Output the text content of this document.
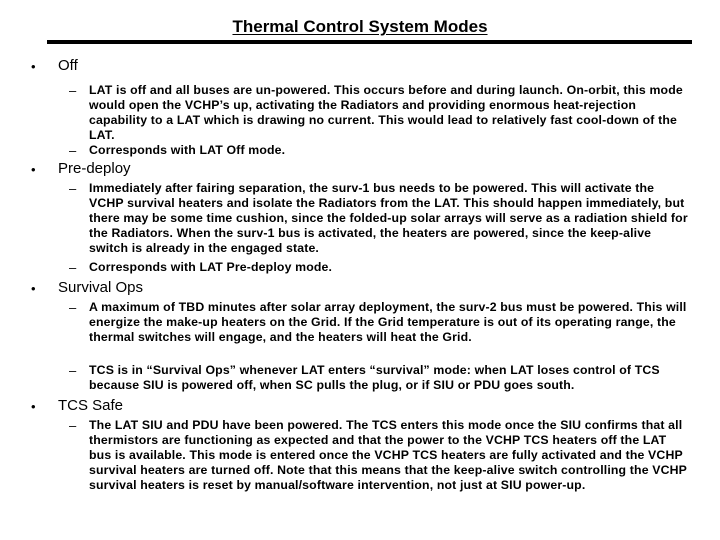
Thermal Control System Modes
• Off
– LAT is off and all buses are un-powered. This occurs before and during launch. On-orbit, this mode would open the VCHP’s up, activating the Radiators and providing enormous heat-rejection capability to a LAT which is drawing no current. This would lead to relatively fast cool-down of the LAT.
– Corresponds with LAT Off mode.
• Pre-deploy
– Immediately after fairing separation, the surv-1 bus needs to be powered. This will activate the VCHP survival heaters and isolate the Radiators from the LAT. This should happen immediately, but there may be some time cushion, since the folded-up solar arrays will serve as a radiation shield for the Radiators. When the surv-1 bus is activated, the heaters are powered, since the keep-alive switch is already in the engaged state.
– Corresponds with LAT Pre-deploy mode.
• Survival Ops
– A maximum of TBD minutes after solar array deployment, the surv-2 bus must be powered. This will energize the make-up heaters on the Grid. If the Grid temperature is out of its operating range, the thermal switches will engage, and the heaters will heat the Grid.
– TCS is in “Survival Ops” whenever LAT enters “survival” mode: when LAT loses control of TCS because SIU is powered off, when SC pulls the plug, or if SIU or PDU goes south.
• TCS Safe
– The LAT SIU and PDU have been powered. The TCS enters this mode once the SIU confirms that all thermistors are functioning as expected and that the power to the VCHP TCS heaters off the LAT bus is available. This mode is entered once the VCHP TCS heaters are fully activated and the VCHP survival heaters are turned off. Note that this means that the keep-alive switch controlling the VCHP survival heaters is reset by manual/software intervention, not just at SIU power-up.
